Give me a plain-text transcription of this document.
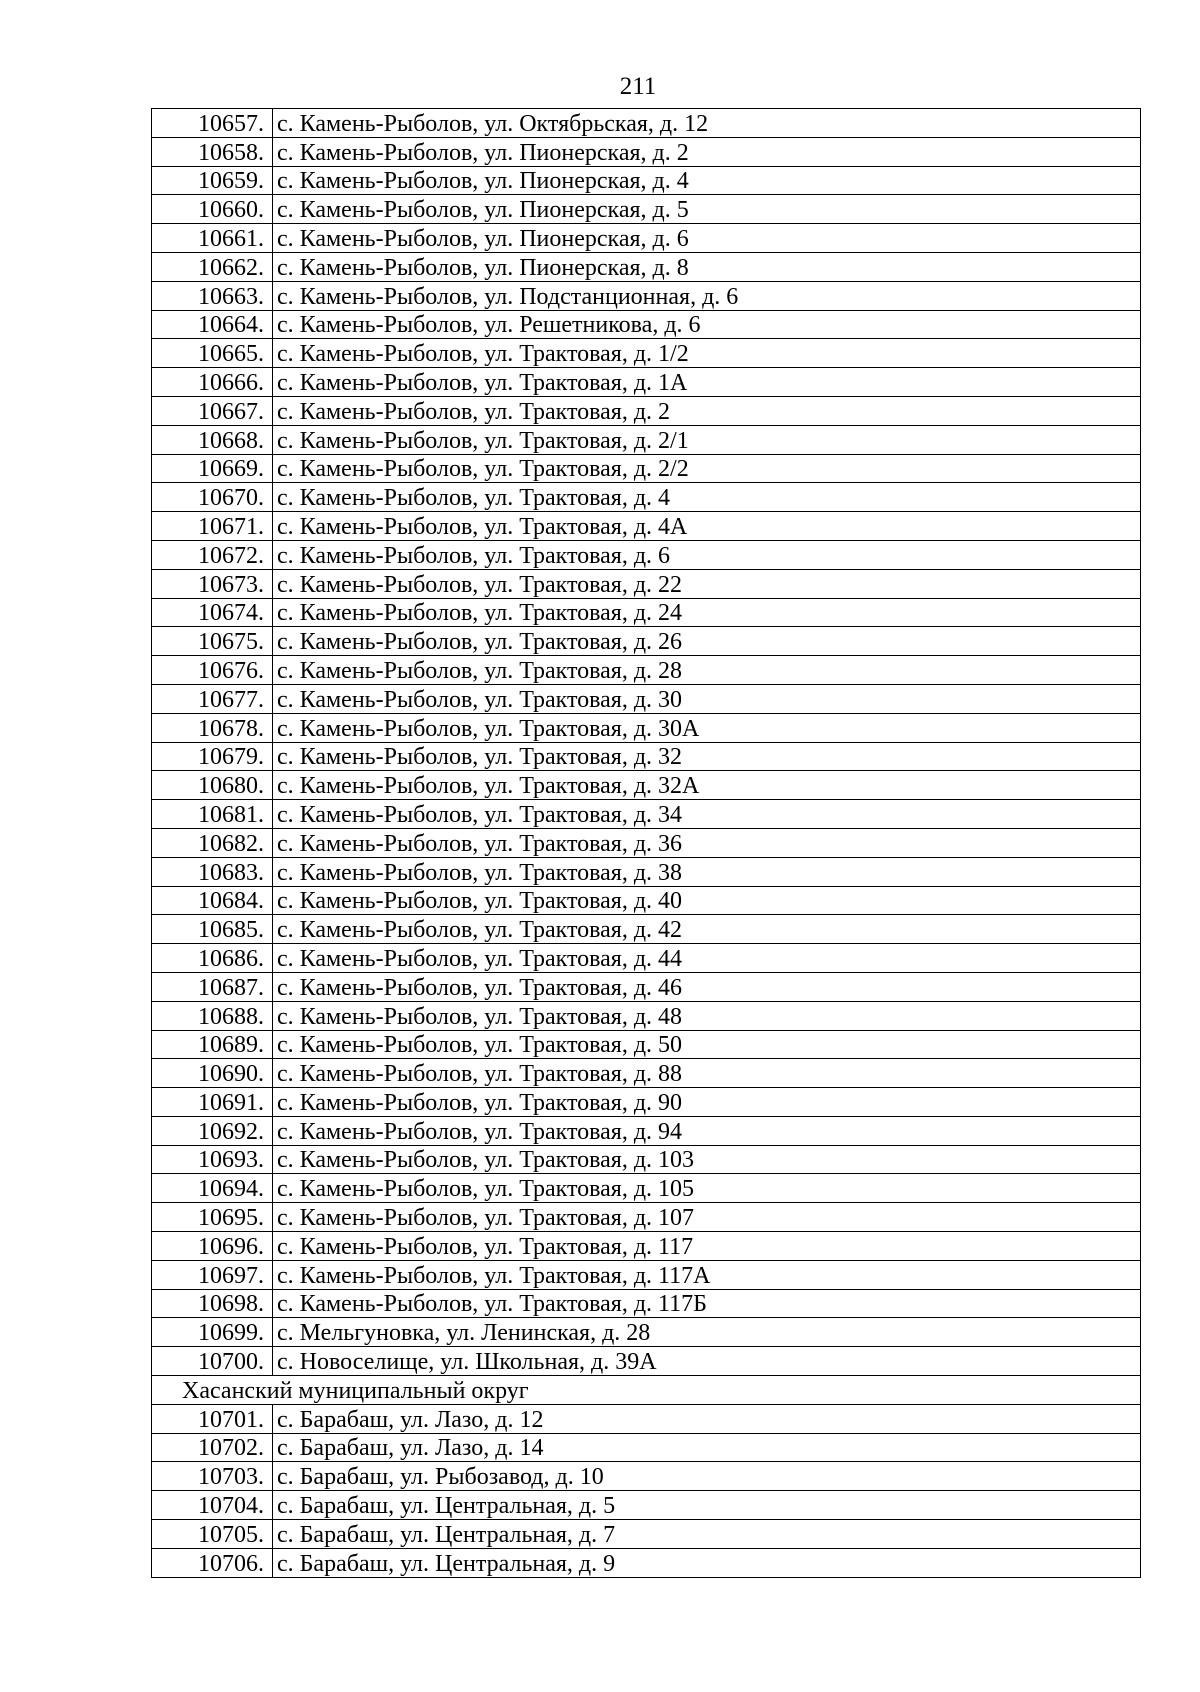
211
10657.	с. Камень-Рыболов, ул. Октябрьская, д. 12
10658.	с. Камень-Рыболов, ул. Пионерская, д. 2
10659.	с. Камень-Рыболов, ул. Пионерская, д. 4
10660.	с. Камень-Рыболов, ул. Пионерская, д. 5
10661.	с. Камень-Рыболов, ул. Пионерская, д. 6
10662.	с. Камень-Рыболов, ул. Пионерская, д. 8
10663.	с. Камень-Рыболов, ул. Подстанционная, д. 6
10664.	с. Камень-Рыболов, ул. Решетникова, д. 6
10665.	с. Камень-Рыболов, ул. Трактовая, д. 1/2
10666.	с. Камень-Рыболов, ул. Трактовая, д. 1А
10667.	с. Камень-Рыболов, ул. Трактовая, д. 2
10668.	с. Камень-Рыболов, ул. Трактовая, д. 2/1
10669.	с. Камень-Рыболов, ул. Трактовая, д. 2/2
10670.	с. Камень-Рыболов, ул. Трактовая, д. 4
10671.	с. Камень-Рыболов, ул. Трактовая, д. 4А
10672.	с. Камень-Рыболов, ул. Трактовая, д. 6
10673.	с. Камень-Рыболов, ул. Трактовая, д. 22
10674.	с. Камень-Рыболов, ул. Трактовая, д. 24
10675.	с. Камень-Рыболов, ул. Трактовая, д. 26
10676.	с. Камень-Рыболов, ул. Трактовая, д. 28
10677.	с. Камень-Рыболов, ул. Трактовая, д. 30
10678.	с. Камень-Рыболов, ул. Трактовая, д. 30А
10679.	с. Камень-Рыболов, ул. Трактовая, д. 32
10680.	с. Камень-Рыболов, ул. Трактовая, д. 32А
10681.	с. Камень-Рыболов, ул. Трактовая, д. 34
10682.	с. Камень-Рыболов, ул. Трактовая, д. 36
10683.	с. Камень-Рыболов, ул. Трактовая, д. 38
10684.	с. Камень-Рыболов, ул. Трактовая, д. 40
10685.	с. Камень-Рыболов, ул. Трактовая, д. 42
10686.	с. Камень-Рыболов, ул. Трактовая, д. 44
10687.	с. Камень-Рыболов, ул. Трактовая, д. 46
10688.	с. Камень-Рыболов, ул. Трактовая, д. 48
10689.	с. Камень-Рыболов, ул. Трактовая, д. 50
10690.	с. Камень-Рыболов, ул. Трактовая, д. 88
10691.	с. Камень-Рыболов, ул. Трактовая, д. 90
10692.	с. Камень-Рыболов, ул. Трактовая, д. 94
10693.	с. Камень-Рыболов, ул. Трактовая, д. 103
10694.	с. Камень-Рыболов, ул. Трактовая, д. 105
10695.	с. Камень-Рыболов, ул. Трактовая, д. 107
10696.	с. Камень-Рыболов, ул. Трактовая, д. 117
10697.	с. Камень-Рыболов, ул. Трактовая, д. 117А
10698.	с. Камень-Рыболов, ул. Трактовая, д. 117Б
10699.	с. Мельгуновка, ул. Ленинская, д. 28
10700.	с. Новоселище, ул. Школьная, д. 39А
Хасанский муниципальный округ	
10701.	с. Барабаш, ул. Лазо, д. 12
10702.	с. Барабаш, ул. Лазо, д. 14
10703.	с. Барабаш, ул. Рыбозавод, д. 10
10704.	с. Барабаш, ул. Центральная, д. 5
10705.	с. Барабаш, ул. Центральная, д. 7
10706.	с. Барабаш, ул. Центральная, д. 9
